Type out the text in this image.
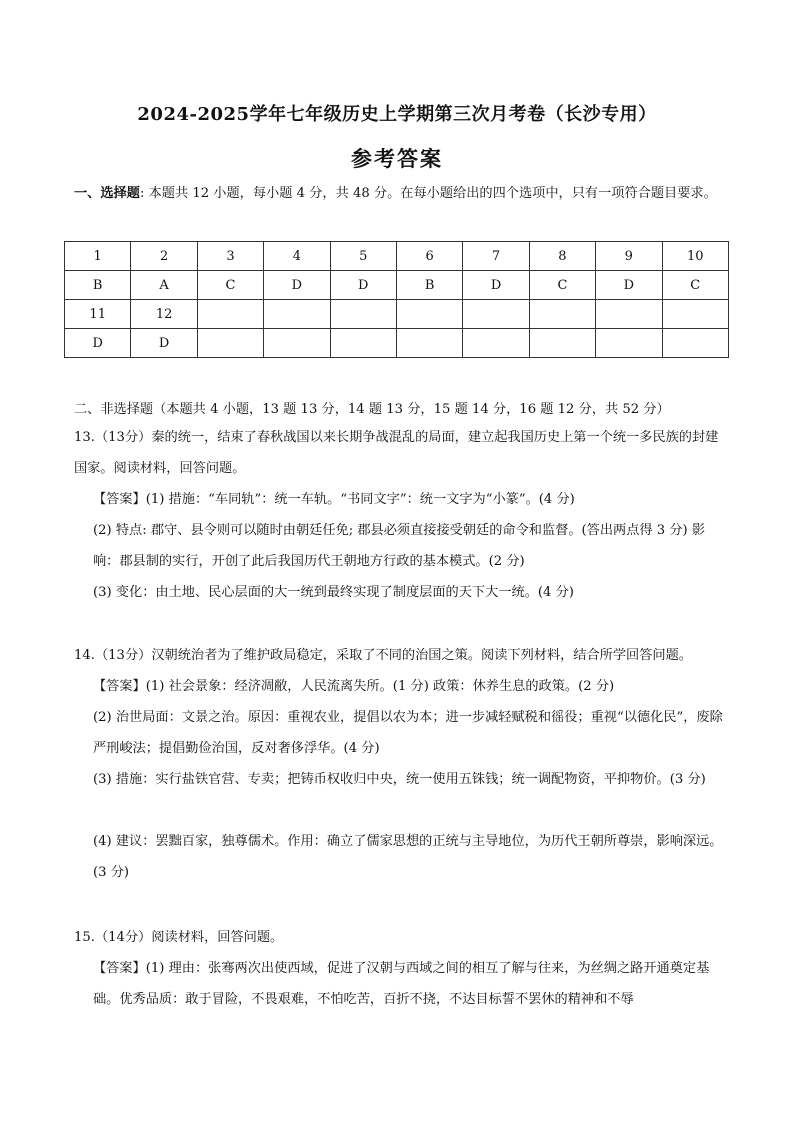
2024-2025学年七年级历史上学期第三次月考卷（长沙专用）
参考答案
一、选择题: 本题共 12 小题，每小题 4 分，共 48 分。在每小题给出的四个选项中，只有一项符合题目要求。
1	2	3	4	5	6	7	8	9	10
B	A	C	D	D	B	D	C	D	C
11	12								
D	D								
二、非选择题（本题共 4 小题，13 题 13 分，14 题 13 分，15 题 14 分，16 题 12 分，共 52 分）
13.（13分）秦的统一，结束了春秋战国以来长期争战混乱的局面，建立起我国历史上第一个统一多民族的封建国家。阅读材料，回答问题。
【答案】(1) 措施：“车同轨”：统一车轨。“书同文字”：统一文字为“小篆”。(4 分)
(2) 特点: 郡守、县令则可以随时由朝廷任免; 郡县必须直接接受朝廷的命令和监督。(答出两点得 3 分) 影响：郡县制的实行，开创了此后我国历代王朝地方行政的基本模式。(2 分)
(3) 变化：由土地、民心层面的大一统到最终实现了制度层面的天下大一统。(4 分)
14.（13分）汉朝统治者为了维护政局稳定，采取了不同的治国之策。阅读下列材料，结合所学回答问题。
【答案】(1) 社会景象：经济凋敝，人民流离失所。(1 分) 政策：休养生息的政策。(2 分)
(2) 治世局面：文景之治。原因：重视农业，提倡以农为本；进一步减轻赋税和徭役；重视“以德化民”，废除严刑峻法；提倡勤俭治国，反对奢侈浮华。(4 分)
(3) 措施：实行盐铁官营、专卖；把铸币权收归中央，统一使用五铢钱；统一调配物资，平抑物价。(3 分)
(4) 建议：罢黜百家，独尊儒术。作用：确立了儒家思想的正统与主导地位，为历代王朝所尊崇，影响深远。(3 分)
15.（14分）阅读材料，回答问题。
【答案】(1) 理由：张骞两次出使西域，促进了汉朝与西域之间的相互了解与往来，为丝绸之路开通奠定基础。优秀品质：敢于冒险，不畏艰难，不怕吃苦，百折不挠，不达目标誓不罢休的精神和不辱
